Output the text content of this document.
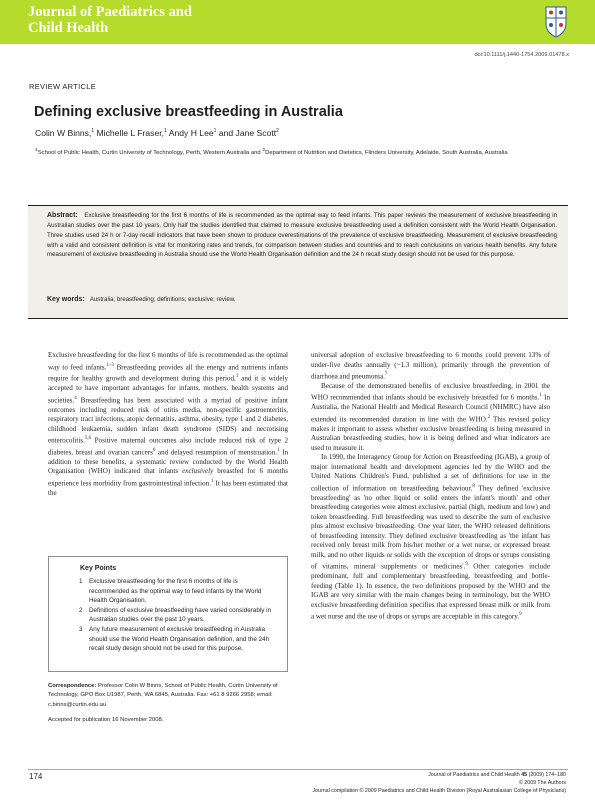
Journal of Paediatrics and
Child Health
doi:10.1111/j.1440-1754.2009.01478.x
REVIEW ARTICLE
Defining exclusive breastfeeding in Australia
Colin W Binns,$^1$ Michelle L Fraser,$^1$ Andy H Lee$^1$ and Jane Scott$^2$
$^1$School of Public Health, Curtin University of Technology, Perth, Western Australia and $^2$Department of Nutrition and Dietetics, Flinders University, Adelaide, South Australia, Australia
Abstract: Exclusive breastfeeding for the first 6 months of life is recommended as the optimal way to feed infants. This paper reviews the measurement of exclusive breastfeeding in Australian studies over the past 10 years. Only half the studies identified that claimed to measure exclusive breastfeeding used a definition consistent with the World Health Organisation. Three studies used 24 h or 7-day recall indicators that have been shown to produce overestimations of the prevalence of exclusive breastfeeding. Measurement of exclusive breastfeeding with a valid and consistent definition is vital for monitoring rates and trends, for comparison between studies and countries and to reach conclusions on various health benefits. Any future measurement of exclusive breastfeeding in Australia should use the World Health Organisation definition and the 24 h recall study design should not be used for this purpose.
Key words: Australia; breastfeeding; definitions; exclusive; review.

Exclusive breastfeeding for the first 6 months of life is recommended as the optimal way to feed infants.$^{1-3}$ Breastfeeding provides all the energy and nutrients infants require for healthy growth and development during this period,$^1$ and it is widely accepted to have important advantages for infants, mothers, health systems and societies.$^4$ Breastfeeding has been associated with a myriad of positive infant outcomes including reduced risk of otitis media, non-specific gastroenteritis, respiratory tract infections, atopic dermatitis, asthma, obesity, type 1 and 2 diabetes, childhood leukaemia, sudden infant death syndrome (SIDS) and necrotising enterocolitis.$^{5,6}$ Positive maternal outcomes also include reduced risk of type 2 diabetes, breast and ovarian cancers$^6$ and delayed resumption of menstruation.$^1$ In addition to these benefits, a systematic review conducted by the World Health Organisation (WHO) indicated that infants exclusively breastfed for 6 months experience less morbidity from gastrointestinal infection.$^1$ It has been estimated that the

Key Points
1 Exclusive breastfeeding for the first 6 months of life is recommended as the optimal way to feed infants by the World Health Organisation.
2 Definitions of exclusive breastfeeding have varied considerably in Australian studies over the past 10 years.
3 Any future measurement of exclusive breastfeeding in Australia should use the World Health Organisation definition, and the 24h recall study design should not be used for this purpose.
Correspondence: Professor Colin W Binns, School of Public Health, Curtin University of Technology, GPO Box U1987, Perth, WA 6845, Australia. Fax: +61 8 9266 2958; email: c.binns@curtin.edu.au
Accepted for publication 16 November 2008.

universal adoption of exclusive breastfeeding to 6 months could prevent 13% of under-five deaths annually (~1.3 million), primarily through the prevention of diarrhoea and pneumonia.$^7$

Because of the demonstrated benefits of exclusive breastfeeding, in 2001 the WHO recommended that infants should be exclusively breastfed for 6 months.$^1$ In Australia, the National Health and Medical Research Council (NHMRC) have also extended its recommended duration in line with the WHO.$^2$ This revised policy makes it important to assess whether exclusive breastfeeding is being measured in Australian breastfeeding studies, how it is being defined and what indicators are used to measure it.

In 1990, the Interagency Group for Action on Breastfeeding (IGAB), a group of major international health and development agencies led by the WHO and the United Nations Children's Fund, published a set of definitions for use in the collection of information on breastfeeding behaviour.$^8$ They defined 'exclusive breastfeeding' as 'no other liquid or solid enters the infant's mouth' and other breastfeeding categories were almost exclusive, partial (high, medium and low) and token breastfeeding. Full breastfeeding was used to describe the sum of exclusive plus almost exclusive breastfeeding. One year later, the WHO released definitions of breastfeeding intensity. They defined exclusive breastfeeding as 'the infant has received only breast milk from his/her mother or a wet nurse, or expressed breast milk, and no other liquids or solids with the exception of drops or syrups consisting of vitamins, mineral supplements or medicines'.$^9$ Other categories include predominant, full and complementary breastfeeding, breastfeeding and bottle-feeding (Table 1). In essence, the two definitions proposed by the WHO and the IGAB are very similar with the main changes being in terminology, but the WHO exclusive breastfeeding definition specifies that expressed breast milk or milk from a wet nurse and the use of drops or syrups are acceptable in this category.$^9$

174	Journal of Paediatrics and Child Health 45 (2009) 174–180
© 2009 The Authors
Journal compilation © 2009 Paediatrics and Child Health Division (Royal Australasian College of Physicians)
